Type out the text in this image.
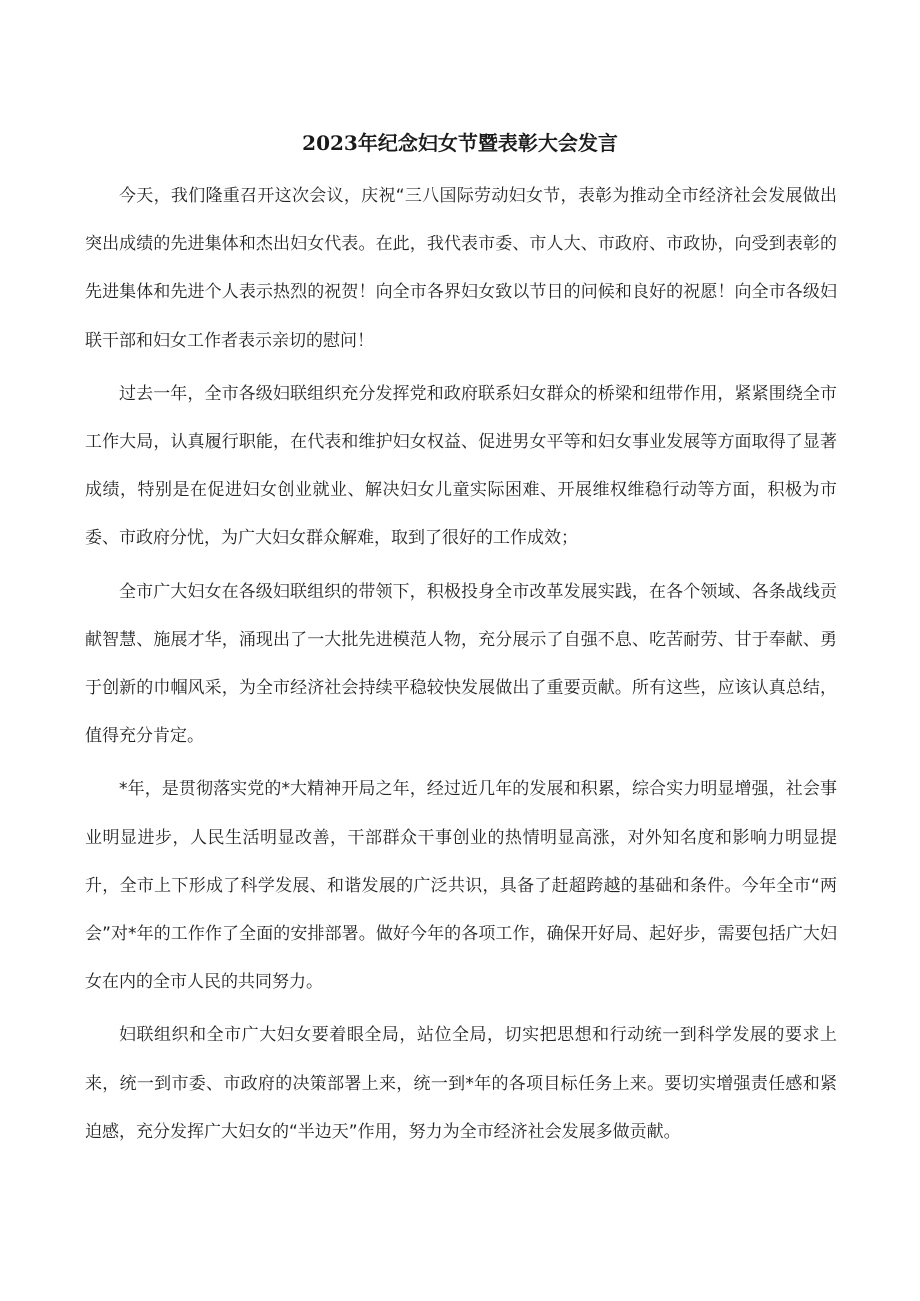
2023年纪念妇女节暨表彰大会发言

今天，我们隆重召开这次会议，庆祝“三八国际劳动妇女节，表彰为推动全市经济社会发展做出突出成绩的先进集体和杰出妇女代表。在此，我代表市委、市人大、市政府、市政协，向受到表彰的先进集体和先进个人表示热烈的祝贺！向全市各界妇女致以节日的问候和良好的祝愿！向全市各级妇联干部和妇女工作者表示亲切的慰问！

过去一年，全市各级妇联组织充分发挥党和政府联系妇女群众的桥梁和纽带作用，紧紧围绕全市工作大局，认真履行职能，在代表和维护妇女权益、促进男女平等和妇女事业发展等方面取得了显著成绩，特别是在促进妇女创业就业、解决妇女儿童实际困难、开展维权维稳行动等方面，积极为市委、市政府分忧，为广大妇女群众解难，取到了很好的工作成效；

全市广大妇女在各级妇联组织的带领下，积极投身全市改革发展实践，在各个领域、各条战线贡献智慧、施展才华，涌现出了一大批先进模范人物，充分展示了自强不息、吃苦耐劳、甘于奉献、勇于创新的巾帼风采，为全市经济社会持续平稳较快发展做出了重要贡献。所有这些，应该认真总结，值得充分肯定。

*年，是贯彻落实党的*大精神开局之年，经过近几年的发展和积累，综合实力明显增强，社会事业明显进步，人民生活明显改善，干部群众干事创业的热情明显高涨，对外知名度和影响力明显提升，全市上下形成了科学发展、和谐发展的广泛共识，具备了赶超跨越的基础和条件。今年全市“两会”对*年的工作作了全面的安排部署。做好今年的各项工作，确保开好局、起好步，需要包括广大妇女在内的全市人民的共同努力。

妇联组织和全市广大妇女要着眼全局，站位全局，切实把思想和行动统一到科学发展的要求上来，统一到市委、市政府的决策部署上来，统一到*年的各项目标任务上来。要切实增强责任感和紧迫感，充分发挥广大妇女的“半边天”作用，努力为全市经济社会发展多做贡献。
